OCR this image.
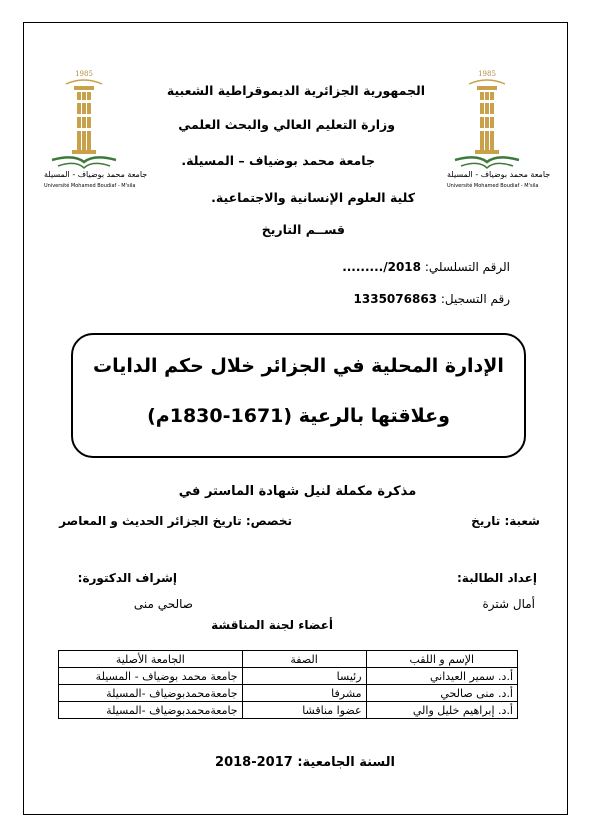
1985
جامعة محمد بوضياف - المسيلة
Université Mohamed Boudiaf - M'sila
1985
جامعة محمد بوضياف - المسيلة
Université Mohamed Boudiaf - M'sila
الجمهورية الجزائرية الديموقراطية الشعبية
وزارة التعليم العالي والبحث العلمي
جامعة محمد بوضياف – المسيلة.
كلية العلوم الإنسانية والاجتماعية.
قســم التاريخ
الرقم التسلسلي: ........./2018
رقم التسجيل: 1335076863
الإدارة المحلية في الجزائر خلال حكم الدايات
وعلاقتها بالرعية (1671-1830م)
مذكرة مكملة لنيل شهادة الماستر في
شعبة: تاريخ
تخصص: تاريخ الجزائر الحديث و المعاصر
إعداد الطالبة:
إشراف الدكتورة:
أمال شترة
صالحي منى
أعضاء لجنة المناقشة
الإسم و اللقب	الصفة	الجامعة الأصلية
أ.د. سمير العيداني	رئيسا	جامعة محمد بوضياف - المسيلة
أ.د. منى صالحي	مشرفا	جامعةمحمدبوضياف -المسيلة
أ.د. إبراهيم خليل والي	عضوا مناقشا	جامعةمحمدبوضياف -المسيلة
السنة الجامعية: 2017-2018
